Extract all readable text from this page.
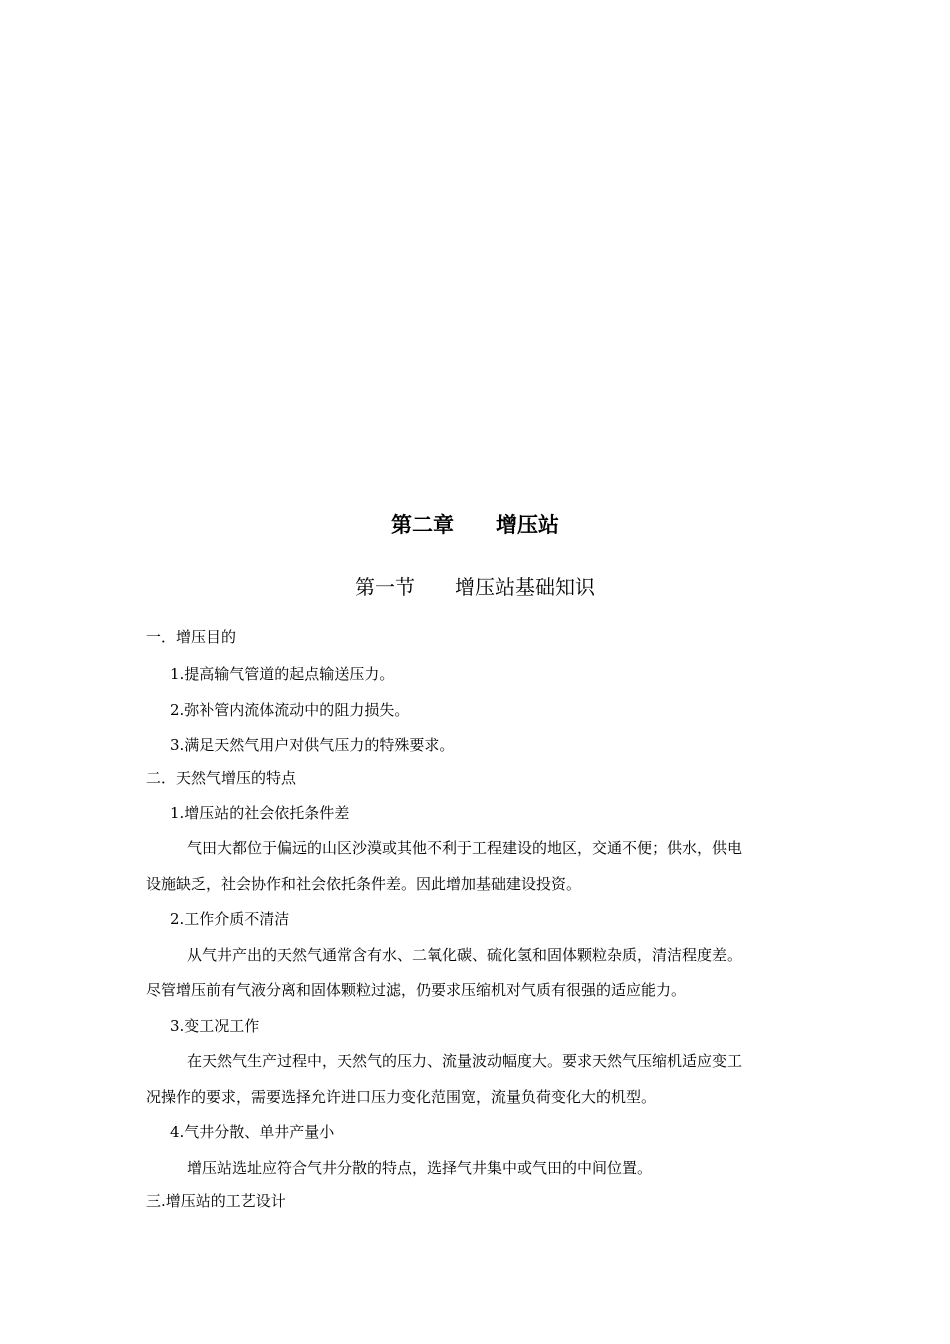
第二章　　增压站
第一节　　增压站基础知识
一．增压目的
1.提高输气管道的起点输送压力。
2.弥补管内流体流动中的阻力损失。
3.满足天然气用户对供气压力的特殊要求。
二．天然气增压的特点
1.增压站的社会依托条件差
气田大都位于偏远的山区沙漠或其他不利于工程建设的地区，交通不便；供水，供电
设施缺乏，社会协作和社会依托条件差。因此增加基础建设投资。
2.工作介质不清洁
从气井产出的天然气通常含有水、二氧化碳、硫化氢和固体颗粒杂质，清洁程度差。
尽管增压前有气液分离和固体颗粒过滤，仍要求压缩机对气质有很强的适应能力。
3.变工况工作
在天然气生产过程中，天然气的压力、流量波动幅度大。要求天然气压缩机适应变工
况操作的要求，需要选择允许进口压力变化范围宽，流量负荷变化大的机型。
4.气井分散、单井产量小
增压站选址应符合气井分散的特点，选择气井集中或气田的中间位置。
三.增压站的工艺设计
